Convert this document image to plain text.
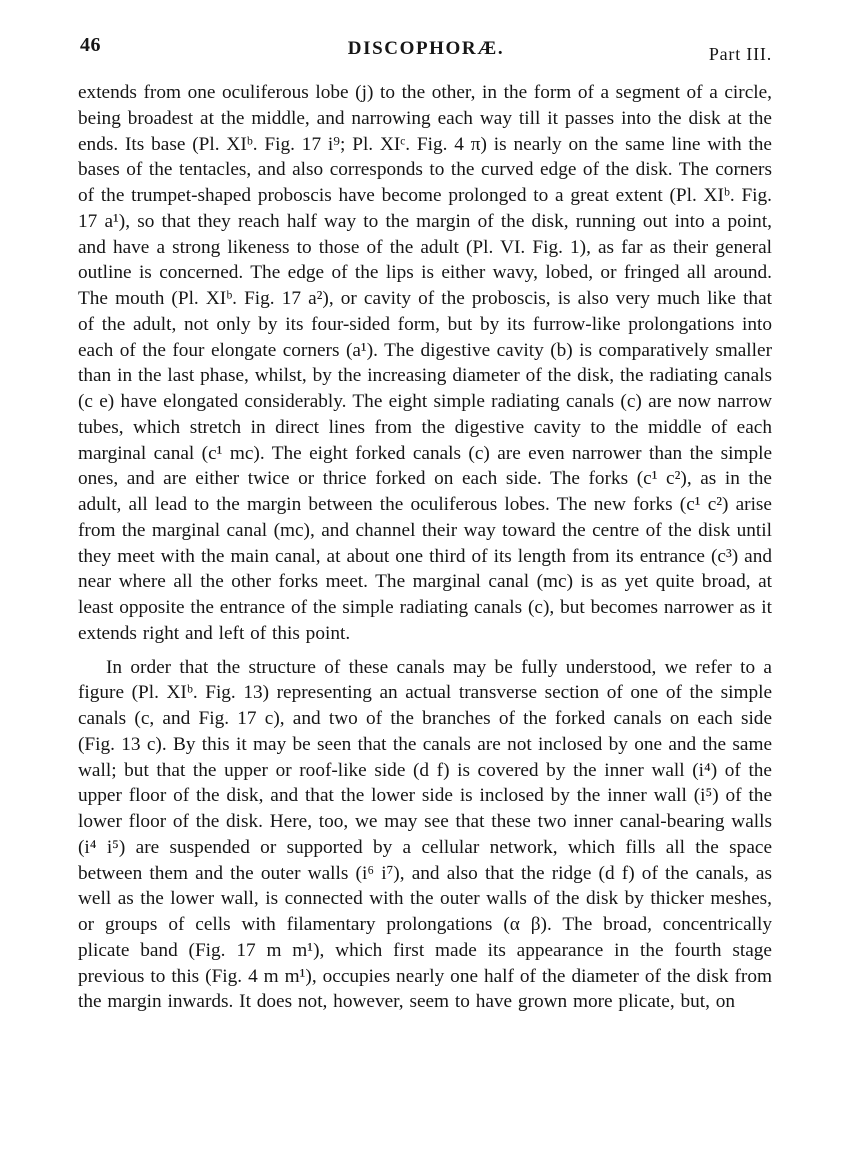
46	DISCOPHORÆ.	Part III.

extends from one oculiferous lobe (j) to the other, in the form of a segment of a circle, being broadest at the middle, and narrowing each way till it passes into the disk at the ends. Its base (Pl. XIᵇ. Fig. 17 i⁹; Pl. XIᶜ. Fig. 4 π) is nearly on the same line with the bases of the tentacles, and also corresponds to the curved edge of the disk. The corners of the trumpet-shaped proboscis have become prolonged to a great extent (Pl. XIᵇ. Fig. 17 a¹), so that they reach half way to the margin of the disk, running out into a point, and have a strong likeness to those of the adult (Pl. VI. Fig. 1), as far as their general outline is concerned. The edge of the lips is either wavy, lobed, or fringed all around. The mouth (Pl. XIᵇ. Fig. 17 a²), or cavity of the proboscis, is also very much like that of the adult, not only by its four-sided form, but by its furrow-like prolongations into each of the four elongate corners (a¹). The digestive cavity (b) is comparatively smaller than in the last phase, whilst, by the increasing diameter of the disk, the radiating canals (c e) have elongated considerably. The eight simple radiating canals (c) are now narrow tubes, which stretch in direct lines from the digestive cavity to the middle of each marginal canal (c¹ mc). The eight forked canals (c) are even narrower than the simple ones, and are either twice or thrice forked on each side. The forks (c¹ c²), as in the adult, all lead to the margin between the oculiferous lobes. The new forks (c¹ c²) arise from the marginal canal (mc), and channel their way toward the centre of the disk until they meet with the main canal, at about one third of its length from its entrance (c³) and near where all the other forks meet. The marginal canal (mc) is as yet quite broad, at least opposite the entrance of the simple radiating canals (c), but becomes narrower as it extends right and left of this point.

In order that the structure of these canals may be fully understood, we refer to a figure (Pl. XIᵇ. Fig. 13) representing an actual transverse section of one of the simple canals (c, and Fig. 17 c), and two of the branches of the forked canals on each side (Fig. 13 c). By this it may be seen that the canals are not inclosed by one and the same wall; but that the upper or roof-like side (d f) is covered by the inner wall (i⁴) of the upper floor of the disk, and that the lower side is inclosed by the inner wall (i⁵) of the lower floor of the disk. Here, too, we may see that these two inner canal-bearing walls (i⁴ i⁵) are suspended or supported by a cellular network, which fills all the space between them and the outer walls (i⁶ i⁷), and also that the ridge (d f) of the canals, as well as the lower wall, is connected with the outer walls of the disk by thicker meshes, or groups of cells with filamentary prolongations (α β). The broad, concentrically plicate band (Fig. 17 m m¹), which first made its appearance in the fourth stage previous to this (Fig. 4 m m¹), occupies nearly one half of the diameter of the disk from the margin inwards. It does not, however, seem to have grown more plicate, but, on
